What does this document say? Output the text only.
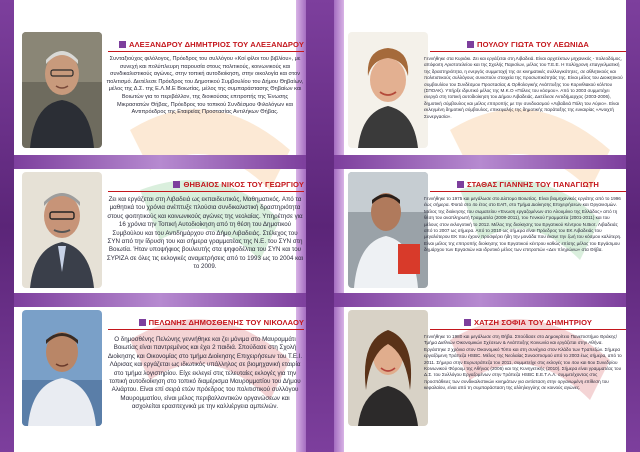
ΑΛΕΞΑΝΔΡΟΥ ΔΗΜΗΤΡΙΟΣ ΤΟΥ ΑΛΕΞΑΝΔΡΟΥ
Συνταξιούχος φιλόλογος, Πρόεδρος του συλλόγου «Κοί φίλοι του βιβλίου», με συνεχή και πολύπλευρη παρουσία στους πολιτικούς, κοινωνικούς και συνδικαλιστικούς αγώνες, στην τοπική αυτοδιοίκηση, στην οικολογία και στον πολιτισμό. Διετέλεσε Πρόεδρος του Δημοτικού Συμβουλίου του Δήμου Θηβαίων, μέλος της Δ.Σ. της Ε.Λ.Μ.Ε Βοιωτίας, μέλος της συμπαράστασης Θηβαίων και Βοιωτών για το περιβάλλον, της διοικούσας επιτροπής της Ένωσης Μικρασιατών Θήβας, Πρόεδρος του τοπικού Συνδέσμου Φιλολόγων και Αντιπρόεδρος της Εταιρείας Προστασίας Αντιλήκων Θήβας.
ΘΗΒΑΙΟΣ ΝΙΚΟΣ ΤΟΥ ΓΕΩΡΓΙΟΥ
Ζει και εργάζεται στη Λιβαδειά ως εκπαιδευτικός, Μαθηματικός. Από τα μαθητικά του χρόνια ανέπτυξε πλούσια συνδικαλιστική δραστηριότητα στους φοιτητικούς και κοινωνικούς αγώνες της νεολαίας. Υπηρέτησε για 16 χρόνια την Τοπική Αυτοδιοίκηση από τη θέση του Δημοτικού Συμβούλου και του Αντιδημάρχου στο Δήμο Λιβαδειάς. Στέλεχος του ΣΥΝ από την ίδρυση του και σήμερα γραμματέας της Ν.Ε. του ΣΥΝ στη Βοιωτία. Ήταν υποψήφιος βουλευτής στα ψηφοδέλτια του ΣΥΝ και του ΣΥΡΙΖΑ σε όλες τις εκλογικές αναμετρήσεις από το 1993 ως το 2004 και το 2009.
ΠΕΛΩΝΗΣ ΔΗΜΟΣΘΕΝΗΣ ΤΟΥ ΝΙΚΟΛΑΟΥ
Ο δημοσθένης Πελώνης γεννήθηκε και ζει μόνιμα στο Μαυρομμάτι Βοιωτίας είναι παντρεμένος και έχει 2 παιδιά. Σπούδασε στη Σχολή Διοίκησης και Οικονομίας στο τμήμα Διοίκησης Επιχειρήσεων του Τ.Ε.Ι. Λάρισας και εργάζεται ως ιδιωτικός υπάλληλος σε βιομηχανική εταιρία στο τμήμα λογιστηρίου. Είχε εκλεγεί στις τελευταίες εκλογές για την τοπική αυτοδιοίκηση στο τοπικό διαμέρισμα Μαυρομματίου του Δήμου Αλιάρτου. Είναι επί σειρά ετών πρόεδρος του πολιτιστικού συλλόγου Μαυρομματίου, είναι μέλος περιβαλλοντικών οργανώσεων και ασχολείται ερασιτεχνικά με την καλλιέργεια αμπελιών.
ΠΟΥΛΟΥ ΓΙΩΤΑ ΤΟΥ ΛΕΩΝΙΔΑ
Γεννήθηκε στα Κυριάκι. Ζει και εργάζεται στη Λιβαδειά. Είναι αρχιτέκτων μηχανικός - πολεοδόμος, απόφοιτη Αριστοτελείου και της Σχολής Παρισίων, μέλος του Τ.Ε.Ε. Η πολύχρονη επαγγελματική της δραστηριότητα, η ενεργός συμμετοχή της σε κινηματικές συλλογικότητες, σε αθλητικούς και πολιτιστικούς συλλόγους συνιστούν στοιχεία της προσωπικότητάς της. Είναι μέλος του Διοικητικού συμβουλίου του Συνδέσμου Προστασίας & Ορθολογικής Ανάπτυξης του Κορινθιακού κόλπου (ΣΠΟΑΚ). Υπήρξε ιδρυτικό μέλος της Μ.Κ.Ο «Πόλεις του κόσμου». Από το 2003 συμμετέχει ενεργά στη τοπική αυτοδιοίκηση του Δήμου Λιβαδειάς. Διετέλεσε Αντιδήμαρχος (2003-2006), δημοτική σύμβουλος και μέλος επιτροπής με την συνδυασμού «Λιβαδειά Πόλη του Αύριο». Είναι εκλεγμένη δημοτική σύμβουλος, επικεφαλής της δημοτικής παράταξης της ευκαιρίας «Ανοιχτή Συνεργασία».
ΣΤΑΘΑΣ ΓΙΑΝΝΗΣ ΤΟΥ ΠΑΝΑΓΙΩΤΗ
Γεννήθηκε το 1975 και μεγάλωσε στο Δίστομο Βοιωτίας. Είναι βιομηχανικός εργάτης από το 1996 έως σήμερα. Φοιτά στο 4ο έτος στο ΕΑΠ, στο Τμήμα Διοίκησης Επιχειρήσεων και Οργανισμών. Μέλος της διοίκησης του σωματείου «Ένωση εργαζομένων στο Αλουμίνιο της Ελλάδος» από τη θέση του αναπληρωτή Γραμματέα (2008-2011), του Γενικού Γραμματέα (2001-2011) και του μέλους στον εκλογοτική το 2012. Μέλος της διοίκησης του Εργατικού Κέντρου Ν.Βιοτ. Λιβαδειάς από το 2007 ως σήμερα. Από το 2010 ως σήμερα είναι Πρόεδρος του ΕΚ Λιβαδειάς του μεγαλύτερου ΕΚ που έχουν προσφέρει ήδη την μονάδα που έκανε την ζωή του κόσμου καλύτερη. Είναι μέλος της επιτροπής διοίκησης του Εργατικού κέντρου καθώς επίσης μέλος του Εργάσιμου δημάρχου των Εργασιών και ιδρυτικό μέλος των επιτροπών «Δεν πληρώνω» στα Θήβα.
ΧΑΤΖΗ ΣΟΦΙΑ ΤΟΥ ΔΗΜΗΤΡΙΟΥ
Γεννήθηκε το 1980 και μεγάλωσε στη Θήβα. Σπούδασε στο Δημοκρίτειο Πανεπιστήμιο Θράκης/Τμήμα Διεθνών Οικονομικών Σχέσεων & Ανάπτυξης Κοινωνία και εργάζεται στην Αθήνα. Εργάστηκε 2 χρόνια στον Οικονομικό Τύπο και στη συνέχεια στον Κλάδο των Τραπεζών. Σήμερα εργαζόμενη Τράπεζα HSBC. Μέλος της Νεολαίας Συνασπισμού από το 2003 έως σήμερα, από το 2011. Σήμερα στην Ευρωτράπεζα του 2011, συμμετείχε στις εκλογές του 4ου και 6ου Συνεδρίου Κοινωνικού Φόρουμ της Αθήνας (2006) και της Κυνηγετικής (2010). Σήμερα είναι γραμματέας του Δ.Σ. του Συλλόγου Εργαζομένων στην Τράπεζα HSBC Ε.Ε.Τ.Α.Λ. συμμετέχοντας στις προσπάθειες των συνδικαλιστικών κινημάτων για αντίσταση στην οργανωμένη επίθεση του κεφαλαίου, είναι από τη συμπαράσταση της αλληλεγγύης σε κοινούς αγώνες.
